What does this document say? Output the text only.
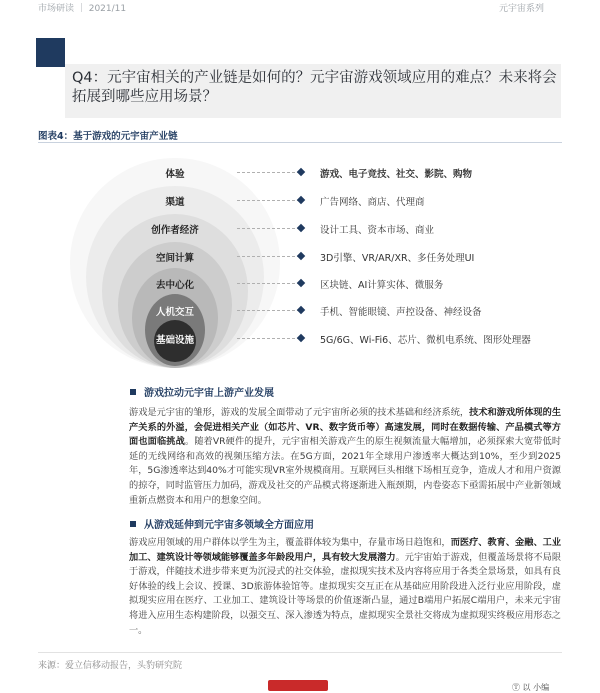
市场研读 ｜ 2021/11	元宇宙系列
Q4：元宇宙相关的产业链是如何的？元宇宙游戏领域应用的难点？未来将会拓展到哪些应用场景？
图表4：基于游戏的元宇宙产业链
体验
渠道
创作者经济
空间计算
去中心化
人机交互
基础设施
游戏、电子竞技、社交、影院、购物
广告网络、商店、代理商
设计工具、资本市场、商业
3D引擎、VR/AR/XR、多任务处理UI
区块链、AI计算实体、微服务
手机、智能眼镜、声控设备、神经设备
5G/6G、Wi-Fi6、芯片、微机电系统、图形处理器
游戏拉动元宇宙上游产业发展
游戏是元宇宙的雏形，游戏的发展全面带动了元宇宙所必须的技术基础和经济系统，技术和游戏所体现的生产关系的外溢，会促进相关产业（如芯片、VR、数字货币等）高速发展，同时在数据传输、产品模式等方面也面临挑战。随着VR硬件的提升，元宇宙相关游戏产生的原生视频流量大幅增加，必须探索大宽带低时延的无线网络和高效的视频压缩方法。在5G方面，2021年全球用户渗透率大概达到10%，至少到2025年，5G渗透率达到40%才可能实现VR室外规模商用。互联网巨头相继下场相互竞争，造成人才和用户资源的掠夺，同时监管压力加码，游戏及社交的产品模式将逐渐进入瓶颈期，内卷姿态下亟需拓展中产业新领域重新点燃资本和用户的想象空间。
从游戏延伸到元宇宙多领域全方面应用
游戏应用领域的用户群体以学生为主，覆盖群体较为集中，存量市场日趋饱和，而医疗、教育、金融、工业加工、建筑设计等领域能够覆盖多年龄段用户，具有较大发展潜力。元宇宙始于游戏，但覆盖场景将不局限于游戏，伴随技术进步带来更为沉浸式的社交体验，虚拟现实技术及内容将应用于各类全景场景，如具有良好体验的线上会议、授课、3D旅游体验馆等。虚拟现实交互正在从基础应用阶段进入泛行业应用阶段，虚拟现实应用在医疗、工业加工、建筑设计等场景的价值逐渐凸显，通过B端用户拓展C端用户，未来元宇宙将进入应用生态构建阶段，以强交互、深入渗透为特点，虚拟现实全景社交将成为虚拟现实终极应用形态之一。
来源：爱立信移动报告，头豹研究院
Ⓣ 以 小编
